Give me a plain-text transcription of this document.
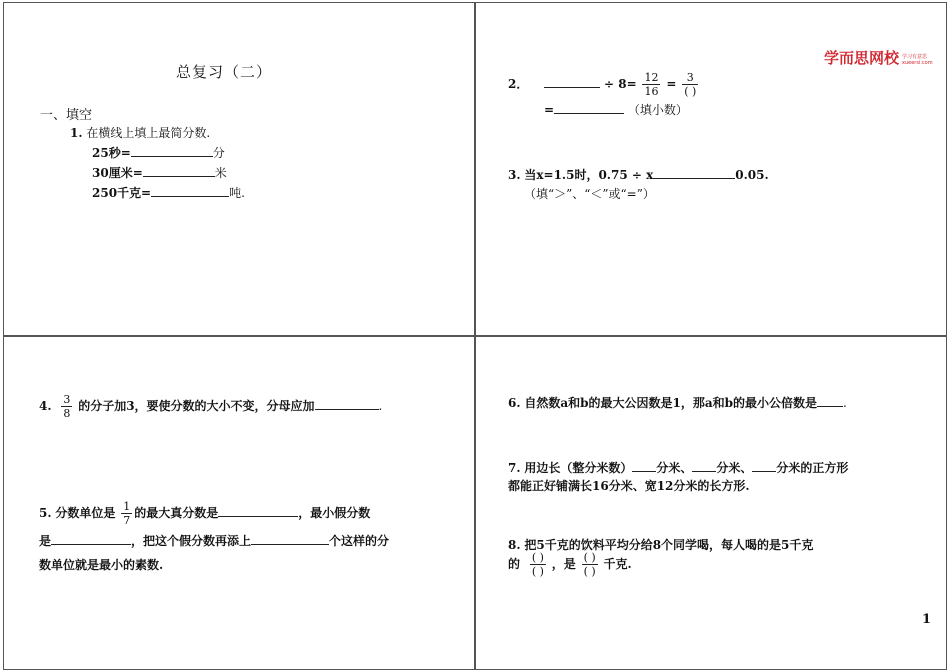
总复习（二）
一、填空
1. 在横线上填上最简分数.
25秒=	分
30厘米=	米
250千克=	吨.
学而思网校 学习有意思
xueersi.com
2．	÷ $8= \frac{12}{16} = \frac{3}{( )}$
=	（填小数）
3. 当x=1.5时，0.75 ÷ x	0.05.
（填“＞”、“＜”或“=”）
4. $\frac{3}{8}$ 的分子加3，要使分数的大小不变，分母应加	.
5. 分数单位是 $\frac{1}{7}$ 的最大真分数是	，最小假分数
是	，把这个假分数再添上	个这样的分
数单位就是最小的素数.
6. 自然数a和b的最大公因数是1，那a和b的最小公倍数是 .
7. 用边长（整分米数） 分米、 分米、 分米的正方形
都能正好铺满长16分米、宽12分米的长方形.
8. 把5千克的饮料平均分给8个同学喝，每人喝的是5千克
的 $\frac{( )}{( )}$ ，是 $\frac{( )}{( )}$ 千克.
1
